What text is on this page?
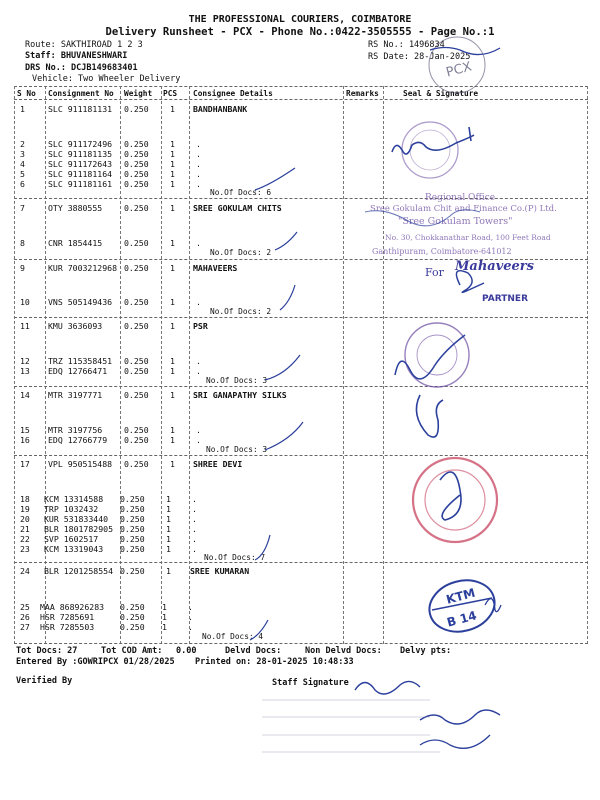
THE PROFESSIONAL COURIERS, COIMBATORE
Delivery Runsheet - PCX - Phone No.:0422-3505555 - Page No.:1
Route: SAKTHIROAD 1 2 3
Staff: BHUVANESHWARI
DRS No.: DCJB149683401
Vehicle: Two Wheeler Delivery
RS No.: 1496834
RS Date: 28-Jan-2025
S No Consignment No Weight PCS Consignee Details	Remarks	Seal & Signature
1	SLC 911181131 0.250	1 BANDHANBANK
2	SLC 911172496 0.250	1	.
3	SLC 911181135 0.250	1	.
4	SLC 911172643 0.250	1	.
5	SLC 911181164 0.250	1	.
6	SLC 911181161 0.250	1	.
No.Of Docs: 6
7	OTY 3880555	0.250	1 SREE GOKULAM CHITS
8	CNR 1854415	0.250	1	.
No.Of Docs: 2
9	KUR 7003212968 0.250	1 MAHAVEERS
10 VNS 505149436 0.250	1	.
No.Of Docs: 2
11 KMU 3636093	0.250	1 PSR
12 TRZ 115358451 0.250	1	.
13 EDQ 12766471 0.250	1	.
No.Of Docs: 3
14 MTR 3197771	0.250	1 SRI GANAPATHY SILKS
15 MTR 3197756	0.250	1	.
16 EDQ 12766779 0.250	1	.
No.Of Docs: 3
17 VPL 950515488 0.250	1 SHREE DEVI
18 KCM 13314588 0.250	1	.
19 TRP 1032432	0.250	1	.
20 KUR 531833440 0.250	1	.
21 BLR 1801782905 0.250	1	.
22 SVP 1602517	0.250	1	.
23 KCM 13319043 0.250	1	.
No.Of Docs: 7
24 BLR 1201258554 0.250	1 SREE KUMARAN
25 MAA 868926283 0.250 1	.
26 HSR 7285691	0.250 1	.
27 HSR 7285503	0.250 1	.
No.Of Docs: 4
Tot Docs: 27	Tot COD Amt: 0.00	Delvd Docs:	Non Delvd Docs: Delvy pts:
Entered By :GOWRIPCX 01/28/2025 Printed on: 28-01-2025 10:48:33
Verified By	Staff Signature
PCX
Regional Office
Sree Gokulam Chit and Finance Co.(P) Ltd.
"Sree Gokulam Towers"
No. 30, Chokkanathar Road, 100 Feet Road
Ganthipuram, Coimbatore-641012
For Mahaveers
PARTNER
KTM
B 14
